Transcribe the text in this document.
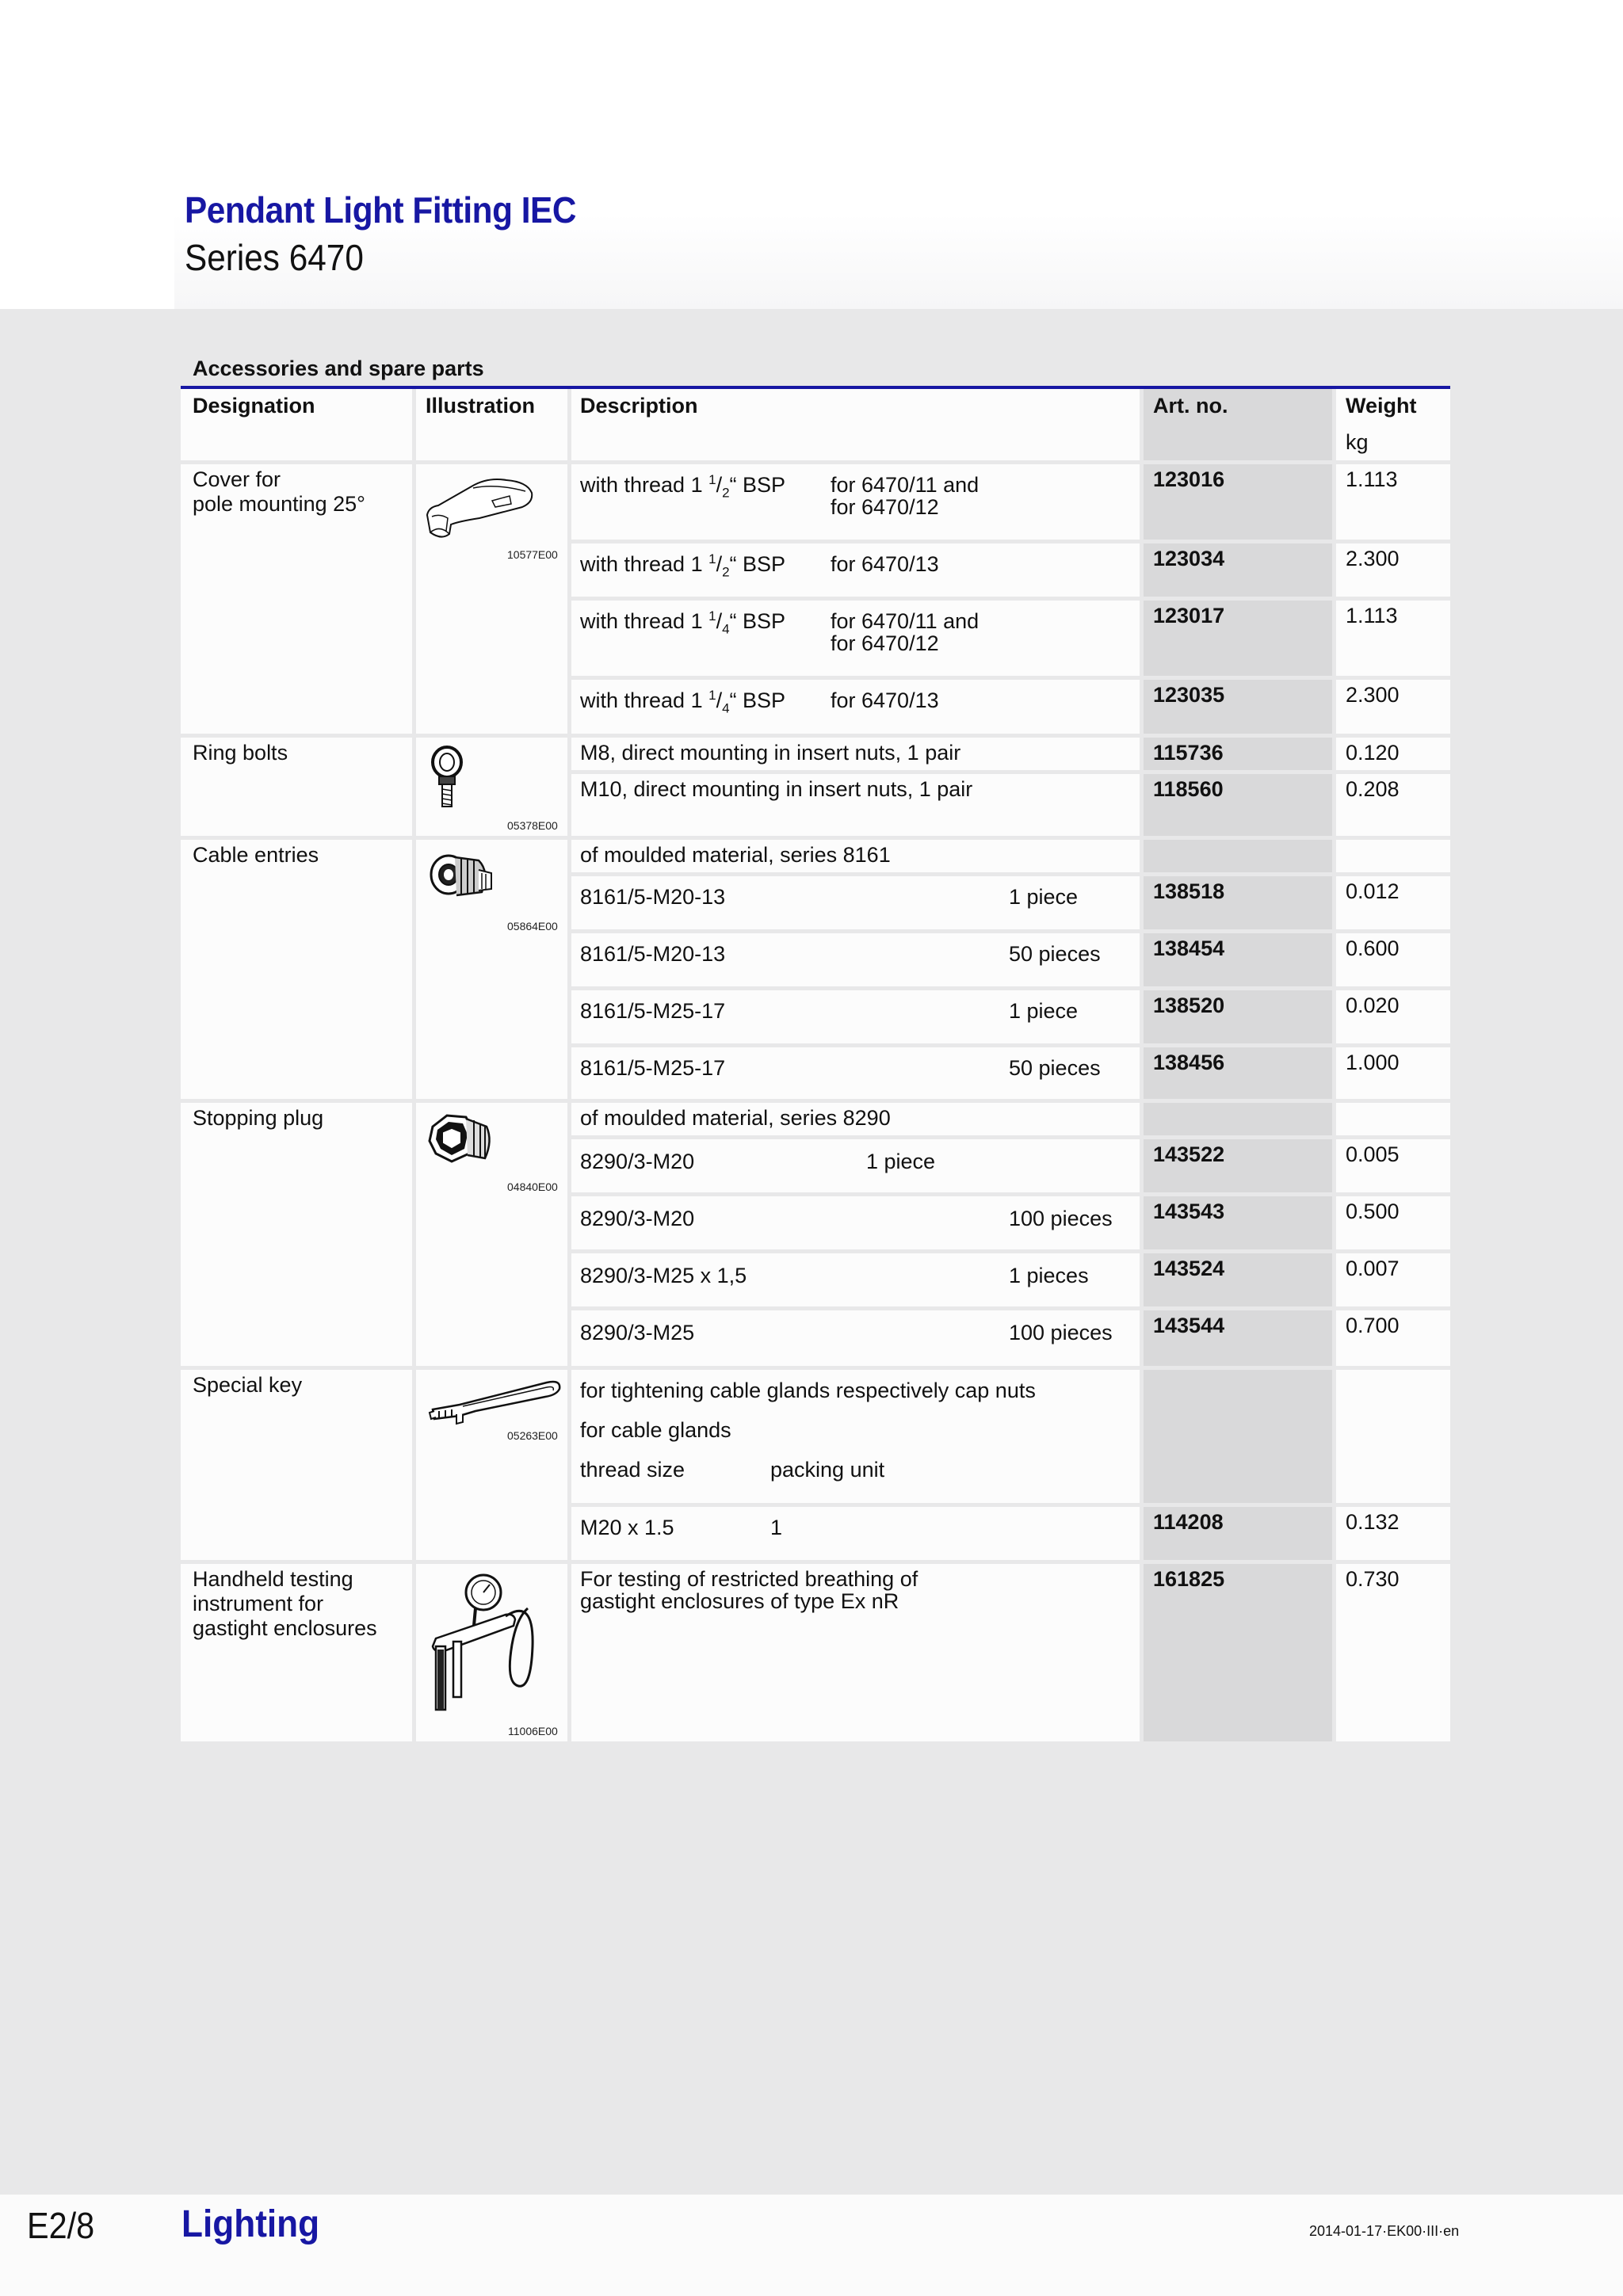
Pendant Light Fitting IEC
Series 6470
Accessories and spare parts
Designation	Illustration Description	Art. no.	Weight
kg
Cover for
pole mounting 25°
10577E00
with thread 1 $^1/_2“$ BSP for 6470/11 and
for 6470/12
123016	1.113
with thread 1 $^1/_2“$ BSP for 6470/13	123034	2.300
with thread 1 $^1/_4“$ BSP for 6470/11 and
for 6470/12
123017	1.113
with thread 1 $^1/_4“$ BSP for 6470/13	123035	2.300
Ring bolts
05378E00
M8, direct mounting in insert nuts, 1 pair	115736	0.120
M10, direct mounting in insert nuts, 1 pair	118560	0.208
Cable entries
05864E00
of moulded material, series 8161
8161/5-M20-13	1 piece	138518	0.012
8161/5-M20-13	50 pieces 138454	0.600
8161/5-M25-17	1 piece	138520	0.020
8161/5-M25-17	50 pieces 138456	1.000
Stopping plug
04840E00
of moulded material, series 8290
8290/3-M20	1 piece	143522	0.005
8290/3-M20	100 pieces 143543	0.500
8290/3-M25 x 1,5	1 pieces	143524	0.007
8290/3-M25	100 pieces 143544	0.700
Special key
05263E00
for tightening cable glands respectively cap nuts
for cable glands
thread size	packing unit
M20 x 1.5	1	114208	0.132
Handheld testing
instrument for
gastight enclosures
11006E00
For testing of restricted breathing of
gastight enclosures of type Ex nR
161825	0.730
E2/8 Lighting	2014-01-17·EK00·III·en
